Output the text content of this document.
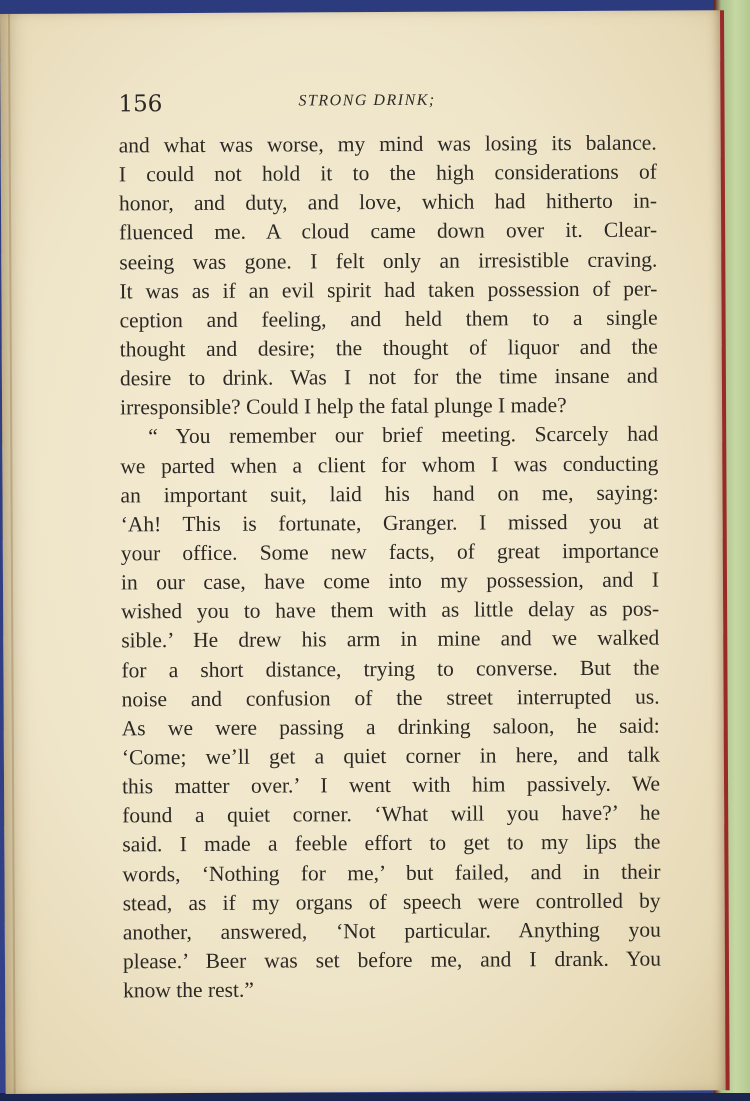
156	STRONG DRINK;
and what was worse, my mind was losing its balance.
I could not hold it to the high considerations of
honor, and duty, and love, which had hitherto in-
fluenced me. A cloud came down over it. Clear-
seeing was gone. I felt only an irresistible craving.
It was as if an evil spirit had taken possession of per-
ception and feeling, and held them to a single
thought and desire; the thought of liquor and the
desire to drink. Was I not for the time insane and
irresponsible? Could I help the fatal plunge I made?
“ You remember our brief meeting. Scarcely had
we parted when a client for whom I was conducting
an important suit, laid his hand on me, saying:
‘Ah! This is fortunate, Granger. I missed you at
your office. Some new facts, of great importance
in our case, have come into my possession, and I
wished you to have them with as little delay as pos-
sible.’ He drew his arm in mine and we walked
for a short distance, trying to converse. But the
noise and confusion of the street interrupted us.
As we were passing a drinking saloon, he said:
‘Come; we’ll get a quiet corner in here, and talk
this matter over.’ I went with him passively. We
found a quiet corner. ‘What will you have?’ he
said. I made a feeble effort to get to my lips the
words, ‘Nothing for me,’ but failed, and in their
stead, as if my organs of speech were controlled by
another, answered, ‘Not particular. Anything you
please.’ Beer was set before me, and I drank. You
know the rest.”
